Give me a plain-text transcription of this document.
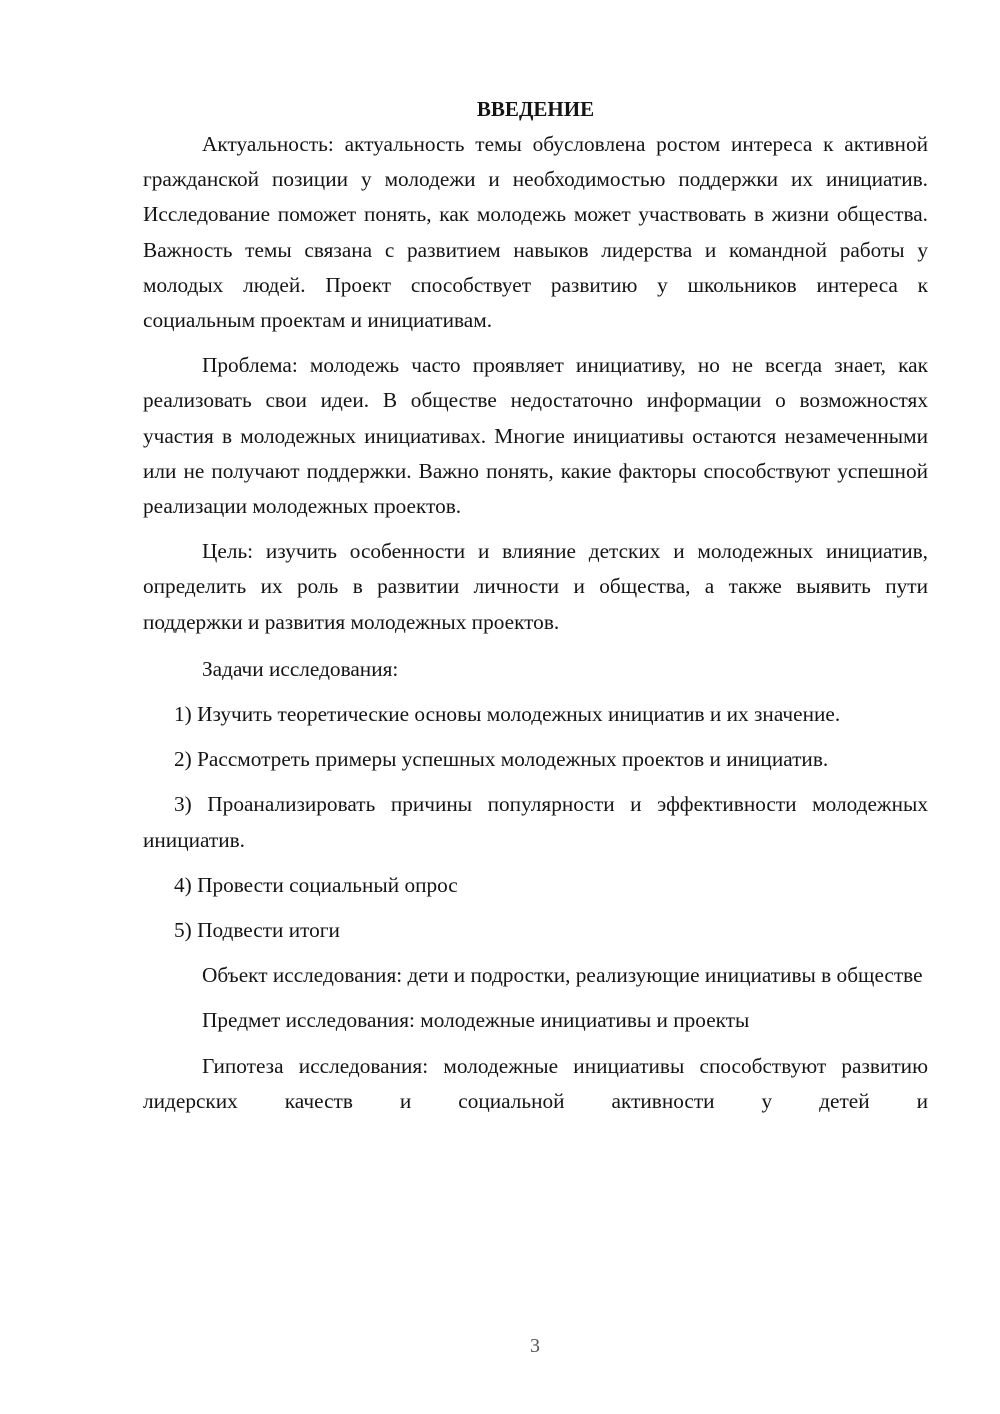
ВВЕДЕНИЕ

Актуальность: актуальность темы обусловлена ростом интереса к активной гражданской позиции у молодежи и необходимостью поддержки их инициатив. Исследование поможет понять, как молодежь может участвовать в жизни общества. Важность темы связана с развитием навыков лидерства и командной работы у молодых людей. Проект способствует развитию у школьников интереса к социальным проектам и инициативам.

Проблема: молодежь часто проявляет инициативу, но не всегда знает, как реализовать свои идеи. В обществе недостаточно информации о возможностях участия в молодежных инициативах. Многие инициативы остаются незамеченными или не получают поддержки. Важно понять, какие факторы способствуют успешной реализации молодежных проектов.

Цель: изучить особенности и влияние детских и молодежных инициатив, определить их роль в развитии личности и общества, а также выявить пути поддержки и развития молодежных проектов.

Задачи исследования:

1) Изучить теоретические основы молодежных инициатив и их значение.

2) Рассмотреть примеры успешных молодежных проектов и инициатив.

3) Проанализировать причины популярности и эффективности молодежных инициатив.

4) Провести социальный опрос

5) Подвести итоги

Объект исследования: дети и подростки, реализующие инициативы в обществе

Предмет исследования: молодежные инициативы и проекты

Гипотеза исследования: молодежные инициативы способствуют развитию лидерских качеств и социальной активности у детей и

3
